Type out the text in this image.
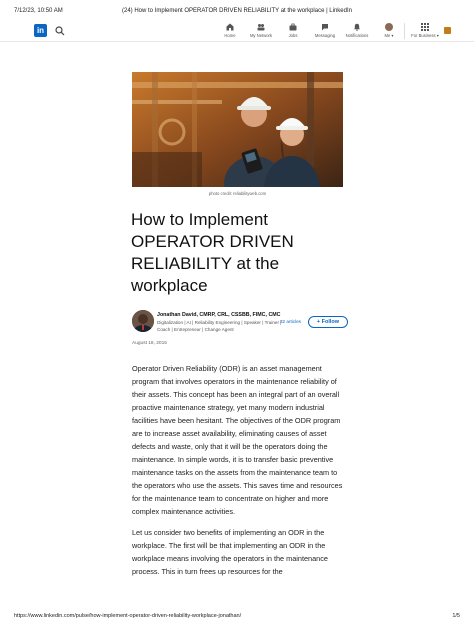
7/12/23, 10:50 AM	(24) How to Implement OPERATOR DRIVEN RELIABILITY at the workplace | LinkedIn
in
Home	My Network	Jobs	Messaging	Notifications	Me ▾	For Business ▾
photo credit: reliabilityweb.com
How to Implement OPERATOR DRIVEN RELIABILITY at the workplace
Jonathan David, CMRP, CRL, CSSBB, FIMC, CMC
Digitalization | AI | Reliability Engineering | Speaker | Trainer | Coach | Entrepreneur | Change Agent
32 articles	+ Follow
August 18, 2015

Operator Driven Reliability (ODR) is an asset management program that involves operators in the maintenance reliability of their assets. This concept has been an integral part of an overall proactive maintenance strategy, yet many modern industrial facilities have been hesitant. The objectives of the ODR program are to increase asset availability, eliminating causes of asset defects and waste, only that it will be the operators doing the maintenance. In simple words, it is to transfer basic preventive maintenance tasks on the assets from the maintenance team to the operators who use the assets. This saves time and resources for the maintenance team to concentrate on higher and more complex maintenance activities.

Let us consider two benefits of implementing an ODR in the workplace. The first will be that implementing an ODR in the workplace means involving the operators in the maintenance process. This in turn frees up resources for the

https://www.linkedin.com/pulse/how-implement-operator-driven-reliability-workplace-jonathan/	1/5
